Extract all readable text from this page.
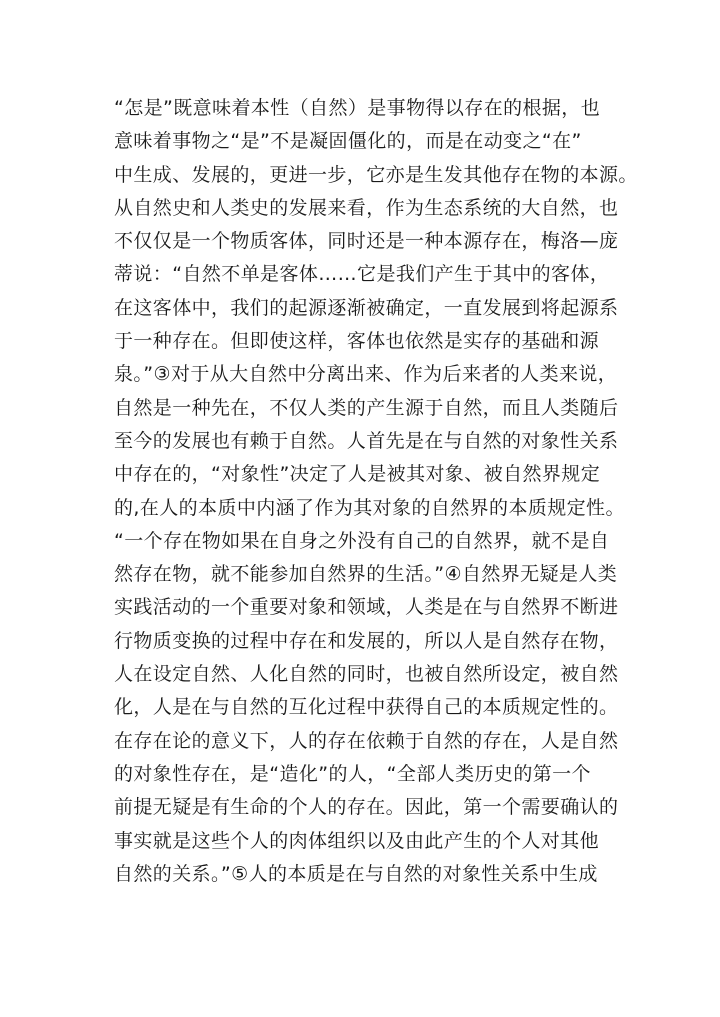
“怎是”既意味着本性（自然）是事物得以存在的根据，也
意味着事物之“是”不是凝固僵化的，而是在动变之“在”
中生成、发展的，更进一步，它亦是生发其他存在物的本源。
从自然史和人类史的发展来看，作为生态系统的大自然，也
不仅仅是一个物质客体，同时还是一种本源存在，梅洛—庞
蒂说：“自然不单是客体……它是我们产生于其中的客体，
在这客体中，我们的起源逐渐被确定，一直发展到将起源系
于一种存在。但即使这样，客体也依然是实存的基础和源
泉。”③对于从大自然中分离出来、作为后来者的人类来说，
自然是一种先在，不仅人类的产生源于自然，而且人类随后
至今的发展也有赖于自然。人首先是在与自然的对象性关系
中存在的，“对象性”决定了人是被其对象、被自然界规定
的,在人的本质中内涵了作为其对象的自然界的本质规定性。
“一个存在物如果在自身之外没有自己的自然界，就不是自
然存在物，就不能参加自然界的生活。”④自然界无疑是人类
实践活动的一个重要对象和领域，人类是在与自然界不断进
行物质变换的过程中存在和发展的，所以人是自然存在物，
人在设定自然、人化自然的同时，也被自然所设定，被自然
化，人是在与自然的互化过程中获得自己的本质规定性的。
在存在论的意义下，人的存在依赖于自然的存在，人是自然
的对象性存在，是“造化”的人，“全部人类历史的第一个
前提无疑是有生命的个人的存在。因此，第一个需要确认的
事实就是这些个人的肉体组织以及由此产生的个人对其他
自然的关系。”⑤人的本质是在与自然的对象性关系中生成
